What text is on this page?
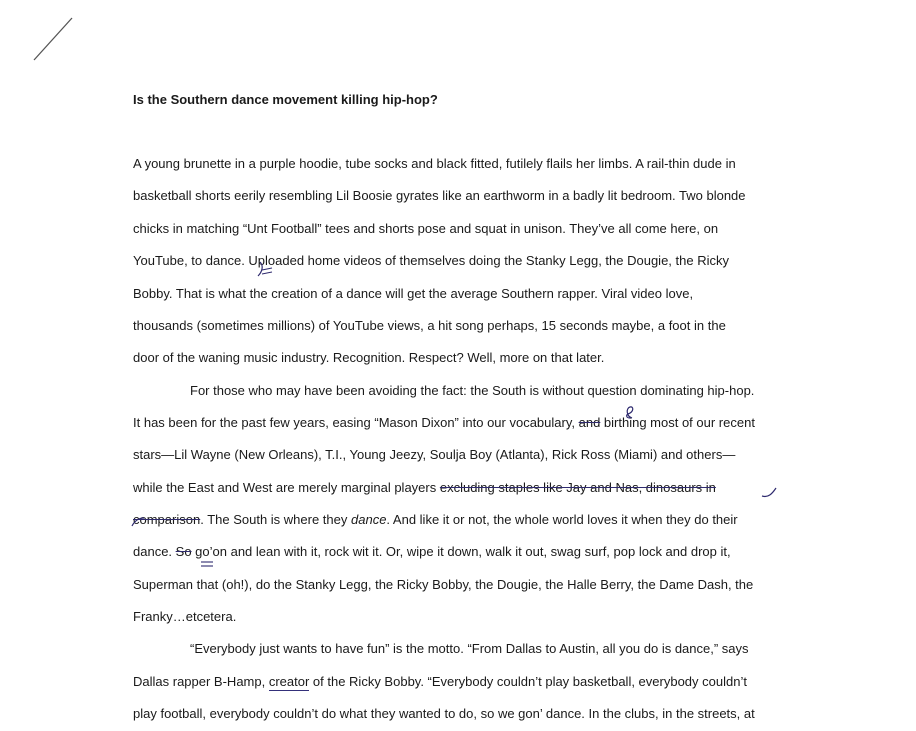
Is the Southern dance movement killing hip-hop?
A young brunette in a purple hoodie, tube socks and black fitted, futilely flails her limbs. A rail-thin dude in
basketball shorts eerily resembling Lil Boosie gyrates like an earthworm in a badly lit bedroom. Two blonde
chicks in matching “Unt Football” tees and shorts pose and squat in unison. They’ve all come here, on
YouTube, to dance. Uploaded home videos of themselves doing the Stanky Legg, the Dougie, the Ricky
Bobby. That is what the creation of a dance will get the average Southern rapper. Viral video love,
thousands (sometimes millions) of YouTube views, a hit song perhaps, 15 seconds maybe, a foot in the
door of the waning music industry. Recognition. Respect? Well, more on that later.
For those who may have been avoiding the fact: the South is without question dominating hip-hop.
It has been for the past few years, easing “Mason Dixon” into our vocabulary, and birthing most of our recent
stars—Lil Wayne (New Orleans), T.I., Young Jeezy, Soulja Boy (Atlanta), Rick Ross (Miami) and others—
while the East and West are merely marginal players excluding staples like Jay and Nas, dinosaurs in
comparison. The South is where they dance. And like it or not, the whole world loves it when they do their
dance. So go’on and lean with it, rock wit it. Or, wipe it down, walk it out, swag surf, pop lock and drop it,
Superman that (oh!), do the Stanky Legg, the Ricky Bobby, the Dougie, the Halle Berry, the Dame Dash, the
Franky…etcetera.
“Everybody just wants to have fun” is the motto. “From Dallas to Austin, all you do is dance,” says
Dallas rapper B-Hamp, creator of the Ricky Bobby. “Everybody couldn’t play basketball, everybody couldn’t
play football, everybody couldn’t do what they wanted to do, so we gon’ dance. In the clubs, in the streets, at
